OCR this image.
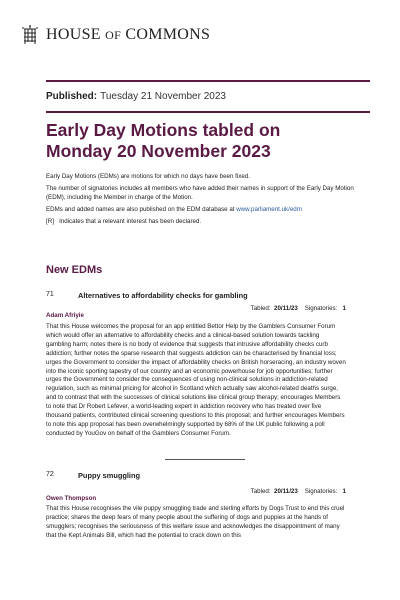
HOUSE OF COMMONS
Published: Tuesday 21 November 2023
Early Day Motions tabled on
Monday 20 November 2023

Early Day Motions (EDMs) are motions for which no days have been fixed.

The number of signatories includes all members who have added their names in support of the Early Day Motion (EDM), including the Member in charge of the Motion.

EDMs and added names are also published on the EDM database at www.parliament.uk/edm

[R]   Indicates that a relevant interest has been declared.

New EDMs
71	Alternatives to affordability checks for gambling
Tabled: 20/11/23 Signatories: 1
Adam Afriyie
That this House welcomes the proposal for an app entitled Bettor Help by the Gamblers Consumer Forum which would offer an alternative to affordability checks and a clinical-based solution towards tackling gambling harm; notes there is no body of evidence that suggests that intrusive affordability checks curb addiction; further notes the sparse research that suggests addiction can be characterised by financial loss; urges the Government to consider the impact of affordability checks on British horseracing, an industry woven into the iconic sporting tapestry of our country and an economic powerhouse for job opportunities; further urges the Government to consider the consequences of using non-clinical solutions in addiction-related regulation, such as minimal pricing for alcohol in Scotland which actually saw alcohol-related deaths surge, and to contrast that with the successes of clinical solutions like clinical group therapy; encourages Members to note that Dr Robert Lefever, a world-leading expert in addiction recovery who has treated over five thousand patients, contributed clinical screening questions to this proposal; and further encourages Members to note this app proposal has been overwhelmingly supported by 68% of the UK public following a poll conducted by YouGov on behalf of the Gamblers Consumer Forum.
72	Puppy smuggling
Tabled: 20/11/23 Signatories: 1
Owen Thompson
That this House recognises the vile puppy smuggling trade and sterling efforts by Dogs Trust to end this cruel practice; shares the deep fears of many people about the suffering of dogs and puppies at the hands of smugglers; recognises the seriousness of this welfare issue and acknowledges the disappointment of many that the Kept Animals Bill, which had the potential to crack down on this
